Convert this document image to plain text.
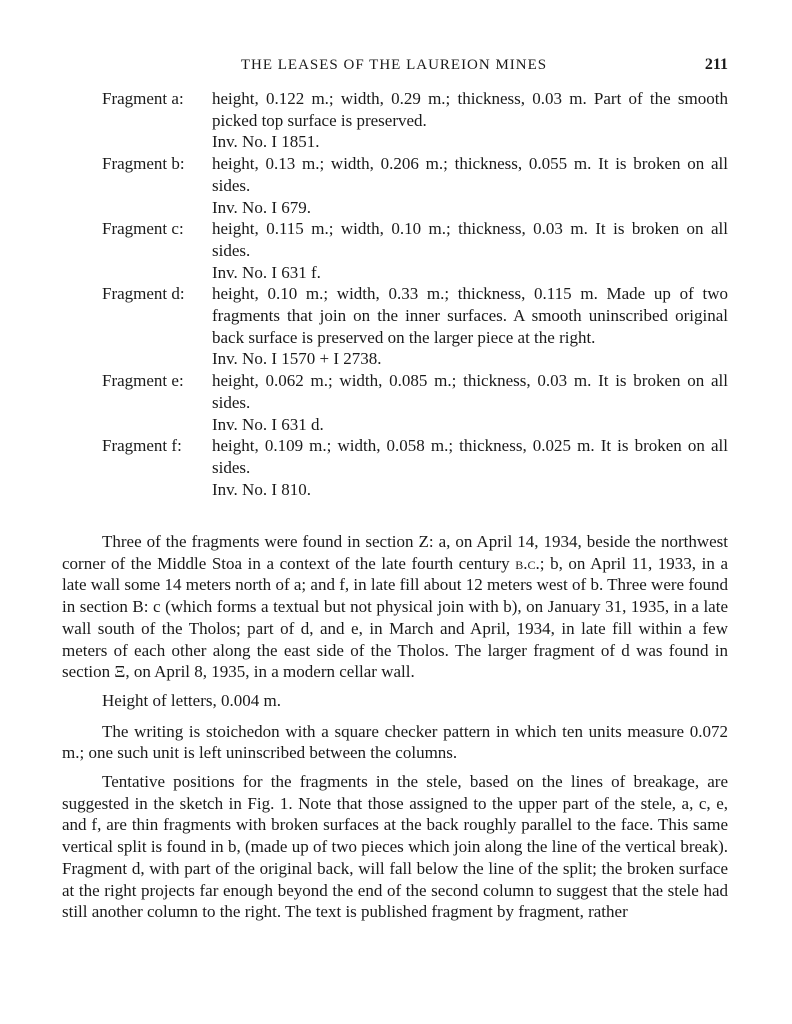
THE LEASES OF THE LAUREION MINES	211
Fragment a:	height, 0.122 m.; width, 0.29 m.; thickness, 0.03 m. Part of the smooth picked top surface is preserved.
Inv. No. I 1851.
Fragment b:	height, 0.13 m.; width, 0.206 m.; thickness, 0.055 m. It is broken on all sides.
Inv. No. I 679.
Fragment c:	height, 0.115 m.; width, 0.10 m.; thickness, 0.03 m. It is broken on all sides.
Inv. No. I 631 f.
Fragment d:	height, 0.10 m.; width, 0.33 m.; thickness, 0.115 m. Made up of two fragments that join on the inner surfaces. A smooth uninscribed original back surface is preserved on the larger piece at the right.
Inv. No. I 1570 + I 2738.
Fragment e:	height, 0.062 m.; width, 0.085 m.; thickness, 0.03 m. It is broken on all sides.
Inv. No. I 631 d.
Fragment f:	height, 0.109 m.; width, 0.058 m.; thickness, 0.025 m. It is broken on all sides.
Inv. No. I 810.

Three of the fragments were found in section Z: a, on April 14, 1934, beside the northwest corner of the Middle Stoa in a context of the late fourth century b.c.; b, on April 11, 1933, in a late wall some 14 meters north of a; and f, in late fill about 12 meters west of b. Three were found in section B: c (which forms a textual but not physical join with b), on January 31, 1935, in a late wall south of the Tholos; part of d, and e, in March and April, 1934, in late fill within a few meters of each other along the east side of the Tholos. The larger fragment of d was found in section Ξ, on April 8, 1935, in a modern cellar wall.

Height of letters, 0.004 m.

The writing is stoichedon with a square checker pattern in which ten units measure 0.072 m.; one such unit is left uninscribed between the columns.

Tentative positions for the fragments in the stele, based on the lines of breakage, are suggested in the sketch in Fig. 1. Note that those assigned to the upper part of the stele, a, c, e, and f, are thin fragments with broken surfaces at the back roughly parallel to the face. This same vertical split is found in b, (made up of two pieces which join along the line of the vertical break). Fragment d, with part of the original back, will fall below the line of the split; the broken surface at the right projects far enough beyond the end of the second column to suggest that the stele had still another column to the right. The text is published fragment by fragment, rather
